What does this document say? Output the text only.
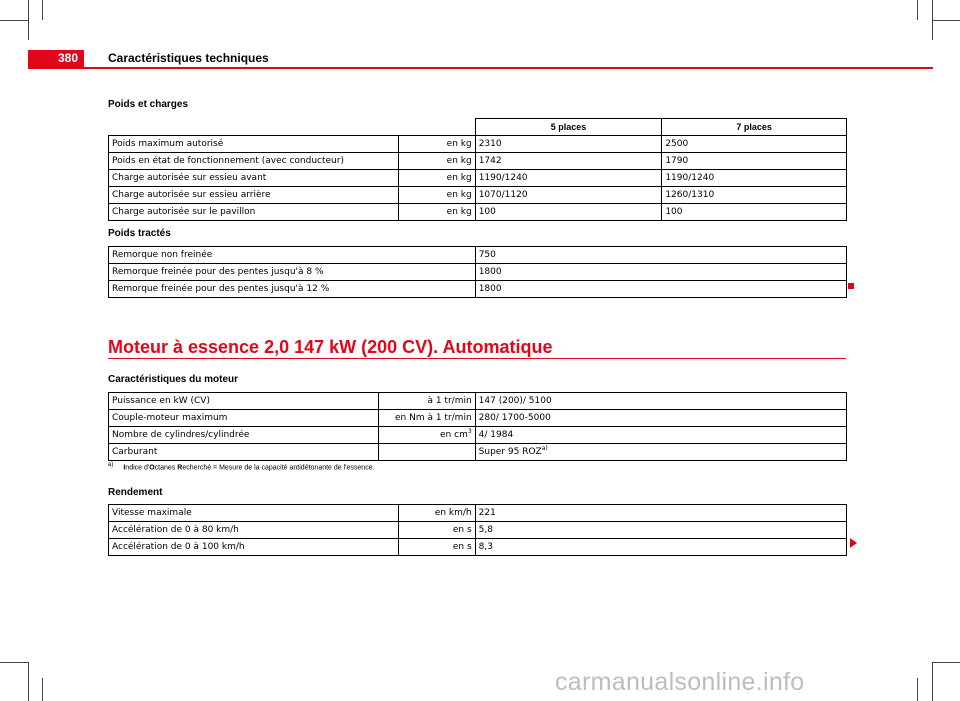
380	Caractéristiques techniques
Poids et charges
		5 places	7 places
Poids maximum autorisé	en kg	2310	2500
Poids en état de fonctionnement (avec conducteur)	en kg	1742	1790
Charge autorisée sur essieu avant	en kg	1190/1240	1190/1240
Charge autorisée sur essieu arrière	en kg	1070/1120	1260/1310
Charge autorisée sur le pavillon	en kg	100	100
Poids tractés
Remorque non freinée	750
Remorque freinée pour des pentes jusqu'à 8 %	1800
Remorque freinée pour des pentes jusqu'à 12 %	1800
Moteur à essence 2,0 147 kW (200 CV). Automatique
Caractéristiques du moteur
Puissance en kW (CV)	à 1 tr/min	147 (200)/ 5100
Couple-moteur maximum	en Nm à 1 tr/min	280/ 1700-5000
Nombre de cylindres/cylindrée	en $cm^3$	4/ 1984
Carburant		Super 95 ROZ$^{a)}$
$^{a)}$ Indice d'Octanes Recherché = Mesure de la capacité antidétonante de l'essence.
Rendement
Vitesse maximale	en km/h	221
Accélération de 0 à 80 km/h	en s	5,8
Accélération de 0 à 100 km/h	en s	8,3
carmanualsonline.info
